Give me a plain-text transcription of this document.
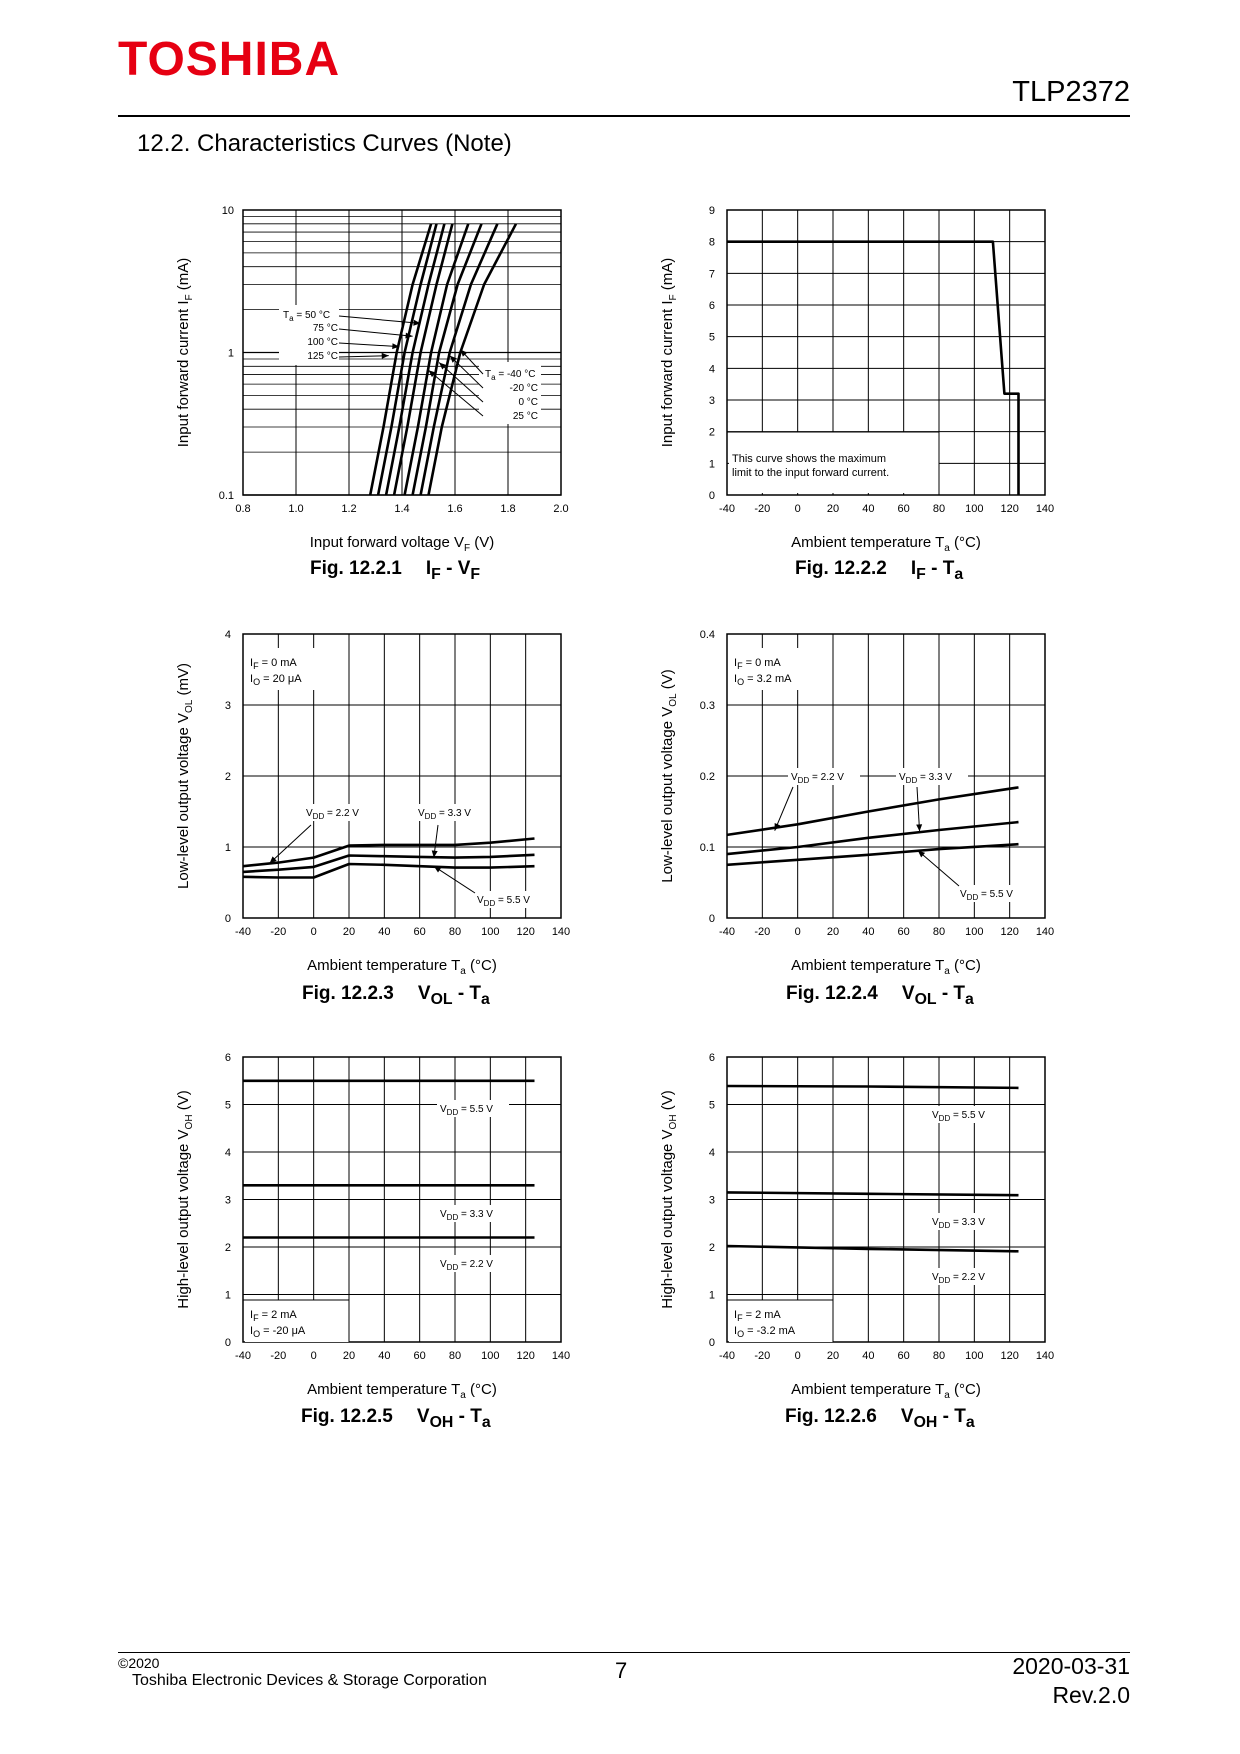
TOSHIBA
TLP2372
12.2. Characteristics Curves (Note)
0.8	1.0	1.2	1.4	1.6	1.8	2.0
0.1
1
10
Input forward voltage $V_F$ (V)
Input forward current $I_F$ (mA)
$T_a = 50$ °C
75 °C
100 °C
125 °C
$T_a = -40$ °C
-20 °C
0 °C
25 °C
-40 -20 0 20 40 60 80 100 120 140
0
1
2
3
4
5
6
7
8
9
Ambient temperature $T_a$ (°C)
Input forward current $I_F$ (mA)
This curve shows the maximum
limit to the input forward current.
-40 -20 0 20 40 60 80 100 120 140
0
1
2
3
4
Ambient temperature $T_a$ (°C)
Low-level output voltage $V_{OL}$ (mV)
$I_F = 0$ mA
$I_O = 20$ μA
$V_{DD} = 2.2$ V	$V_{DD} = 3.3$ V
$V_{DD} = 5.5$ V
-40 -20 0 20 40 60 80 100 120 140
0
0.1
0.2
0.3
0.4
Ambient temperature $T_a$ (°C)
Low-level output voltage $V_{OL}$ (V)
$I_F = 0$ mA
$I_O = 3.2$ mA
$V_{DD} = 2.2$ V	$V_{DD} = 3.3$ V
$V_{DD} = 5.5$ V
-40 -20 0 20 40 60 80 100 120 140
0
1
2
3
4
5
6
Ambient temperature $T_a$ (°C)
High-level output voltage $V_{OH}$ (V)
$I_F = 2$ mA
$I_O = -20$ μA
$V_{DD} = 5.5$ V
$V_{DD} = 3.3$ V
$V_{DD} = 2.2$ V
-40 -20 0 20 40 60 80 100 120 140
0
1
2
3
4
5
6
Ambient temperature $T_a$ (°C)
High-level output voltage $V_{OH}$ (V)
$I_F = 2$ mA
$I_O = -3.2$ mA
$V_{DD} = 5.5$ V
$V_{DD} = 3.3$ V
$V_{DD} = 2.2$ V
©2020
Toshiba Electronic Devices & Storage Corporation	7	2020-03-31
Rev.2.0
Fig. 12.2.1 $I_F - V_F$	Fig. 12.2.2 $I_F - T_a$
Fig. 12.2.3 $V_{OL} - T_a$	Fig. 12.2.4 $V_{OL} - T_a$
Fig. 12.2.5 $V_{OH} - T_a$	Fig. 12.2.6 $V_{OH} - T_a$
